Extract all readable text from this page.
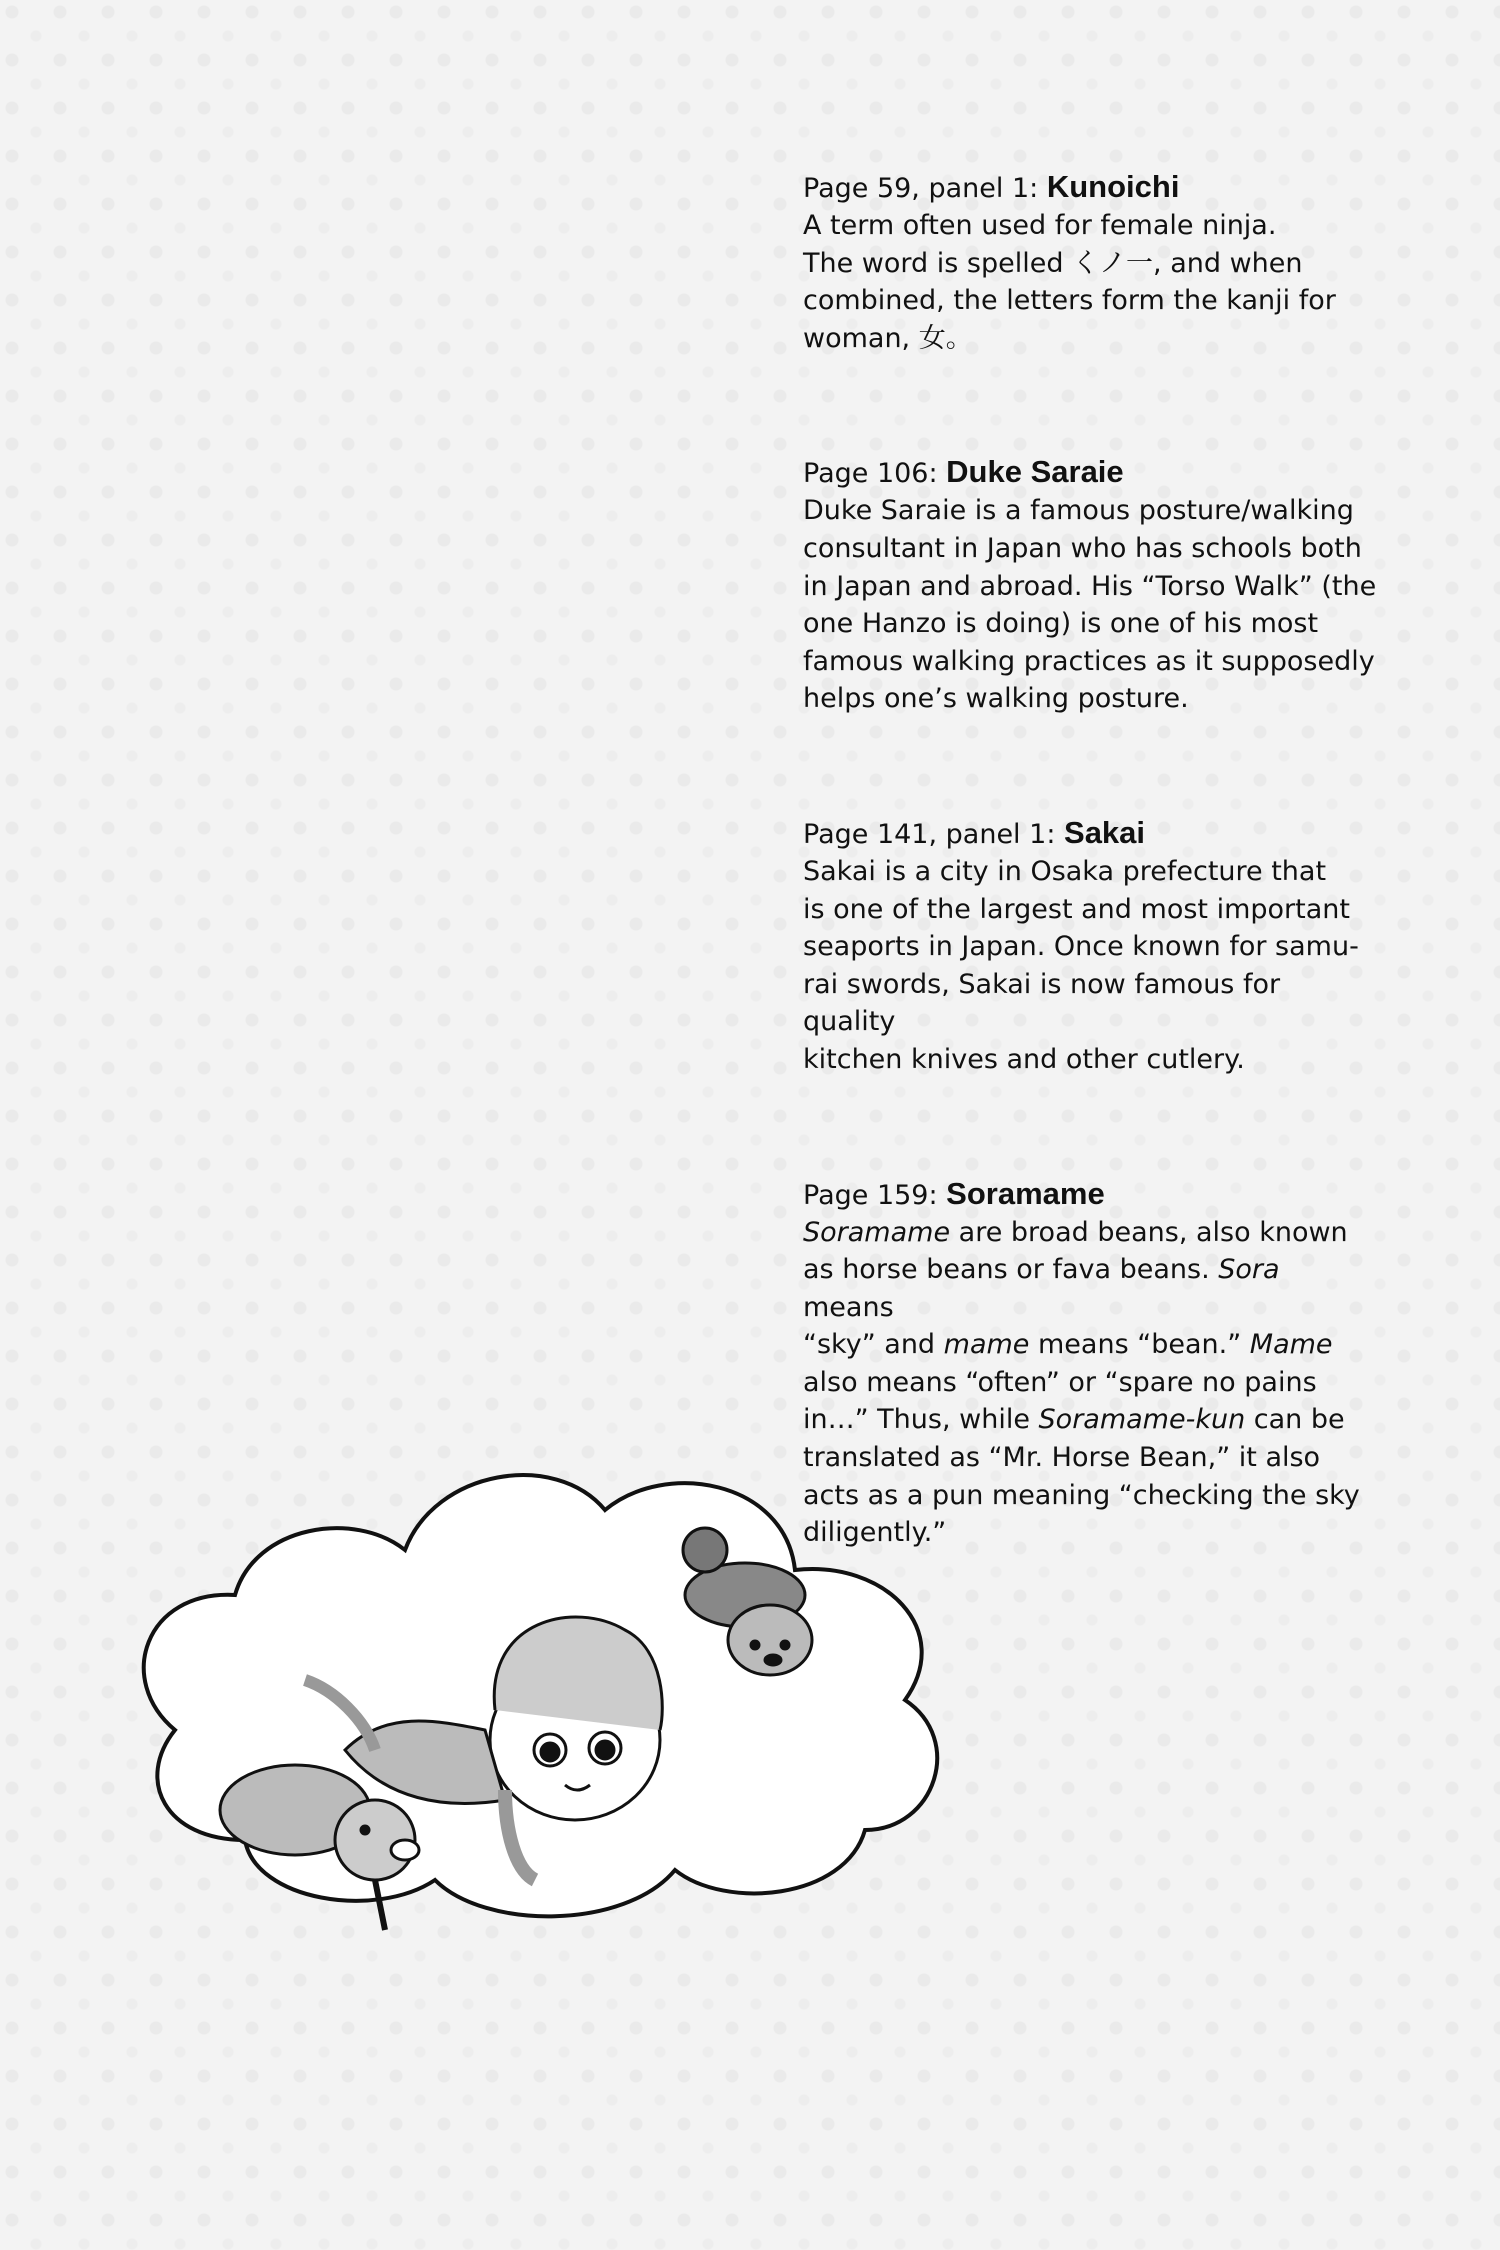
Page 59, panel 1: Kunoichi

A term often used for female ninja.
The word is spelled くノ一, and when
combined, the letters form the kanji for
woman, 女。

Page 106: Duke Saraie

Duke Saraie is a famous posture/walking
consultant in Japan who has schools both
in Japan and abroad. His “Torso Walk” (the
one Hanzo is doing) is one of his most
famous walking practices as it supposedly
helps one’s walking posture.

Page 141, panel 1: Sakai

Sakai is a city in Osaka prefecture that
is one of the largest and most important
seaports in Japan. Once known for samu-
rai swords, Sakai is now famous for quality
kitchen knives and other cutlery.

Page 159: Soramame

Soramame are broad beans, also known
as horse beans or fava beans. Sora means
“sky” and mame means “bean.” Mame
also means “often” or “spare no pains
in…” Thus, while Soramame-kun can be
translated as “Mr. Horse Bean,” it also
acts as a pun meaning “checking the sky
diligently.”
